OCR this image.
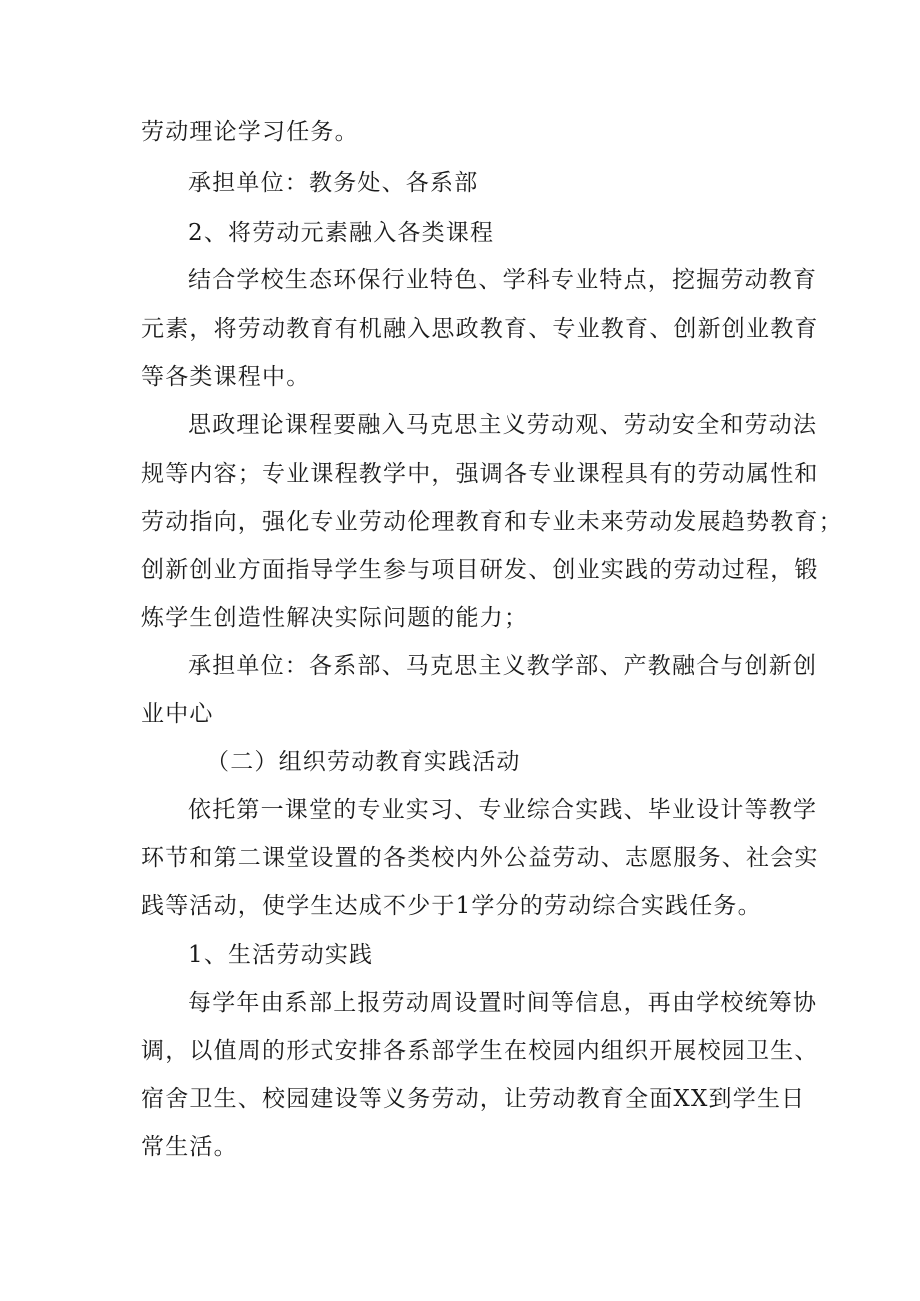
劳动理论学习任务。
承担单位：教务处、各系部
2、将劳动元素融入各类课程
结合学校生态环保行业特色、学科专业特点，挖掘劳动教育
元素，将劳动教育有机融入思政教育、专业教育、创新创业教育
等各类课程中。
思政理论课程要融入马克思主义劳动观、劳动安全和劳动法
规等内容；专业课程教学中，强调各专业课程具有的劳动属性和
劳动指向，强化专业劳动伦理教育和专业未来劳动发展趋势教育；
创新创业方面指导学生参与项目研发、创业实践的劳动过程，锻
炼学生创造性解决实际问题的能力；
承担单位：各系部、马克思主义教学部、产教融合与创新创
业中心
（二）组织劳动教育实践活动
依托第一课堂的专业实习、专业综合实践、毕业设计等教学
环节和第二课堂设置的各类校内外公益劳动、志愿服务、社会实
践等活动，使学生达成不少于1学分的劳动综合实践任务。
1、生活劳动实践
每学年由系部上报劳动周设置时间等信息，再由学校统筹协
调，以值周的形式安排各系部学生在校园内组织开展校园卫生、
宿舍卫生、校园建设等义务劳动，让劳动教育全面XX到学生日
常生活。
